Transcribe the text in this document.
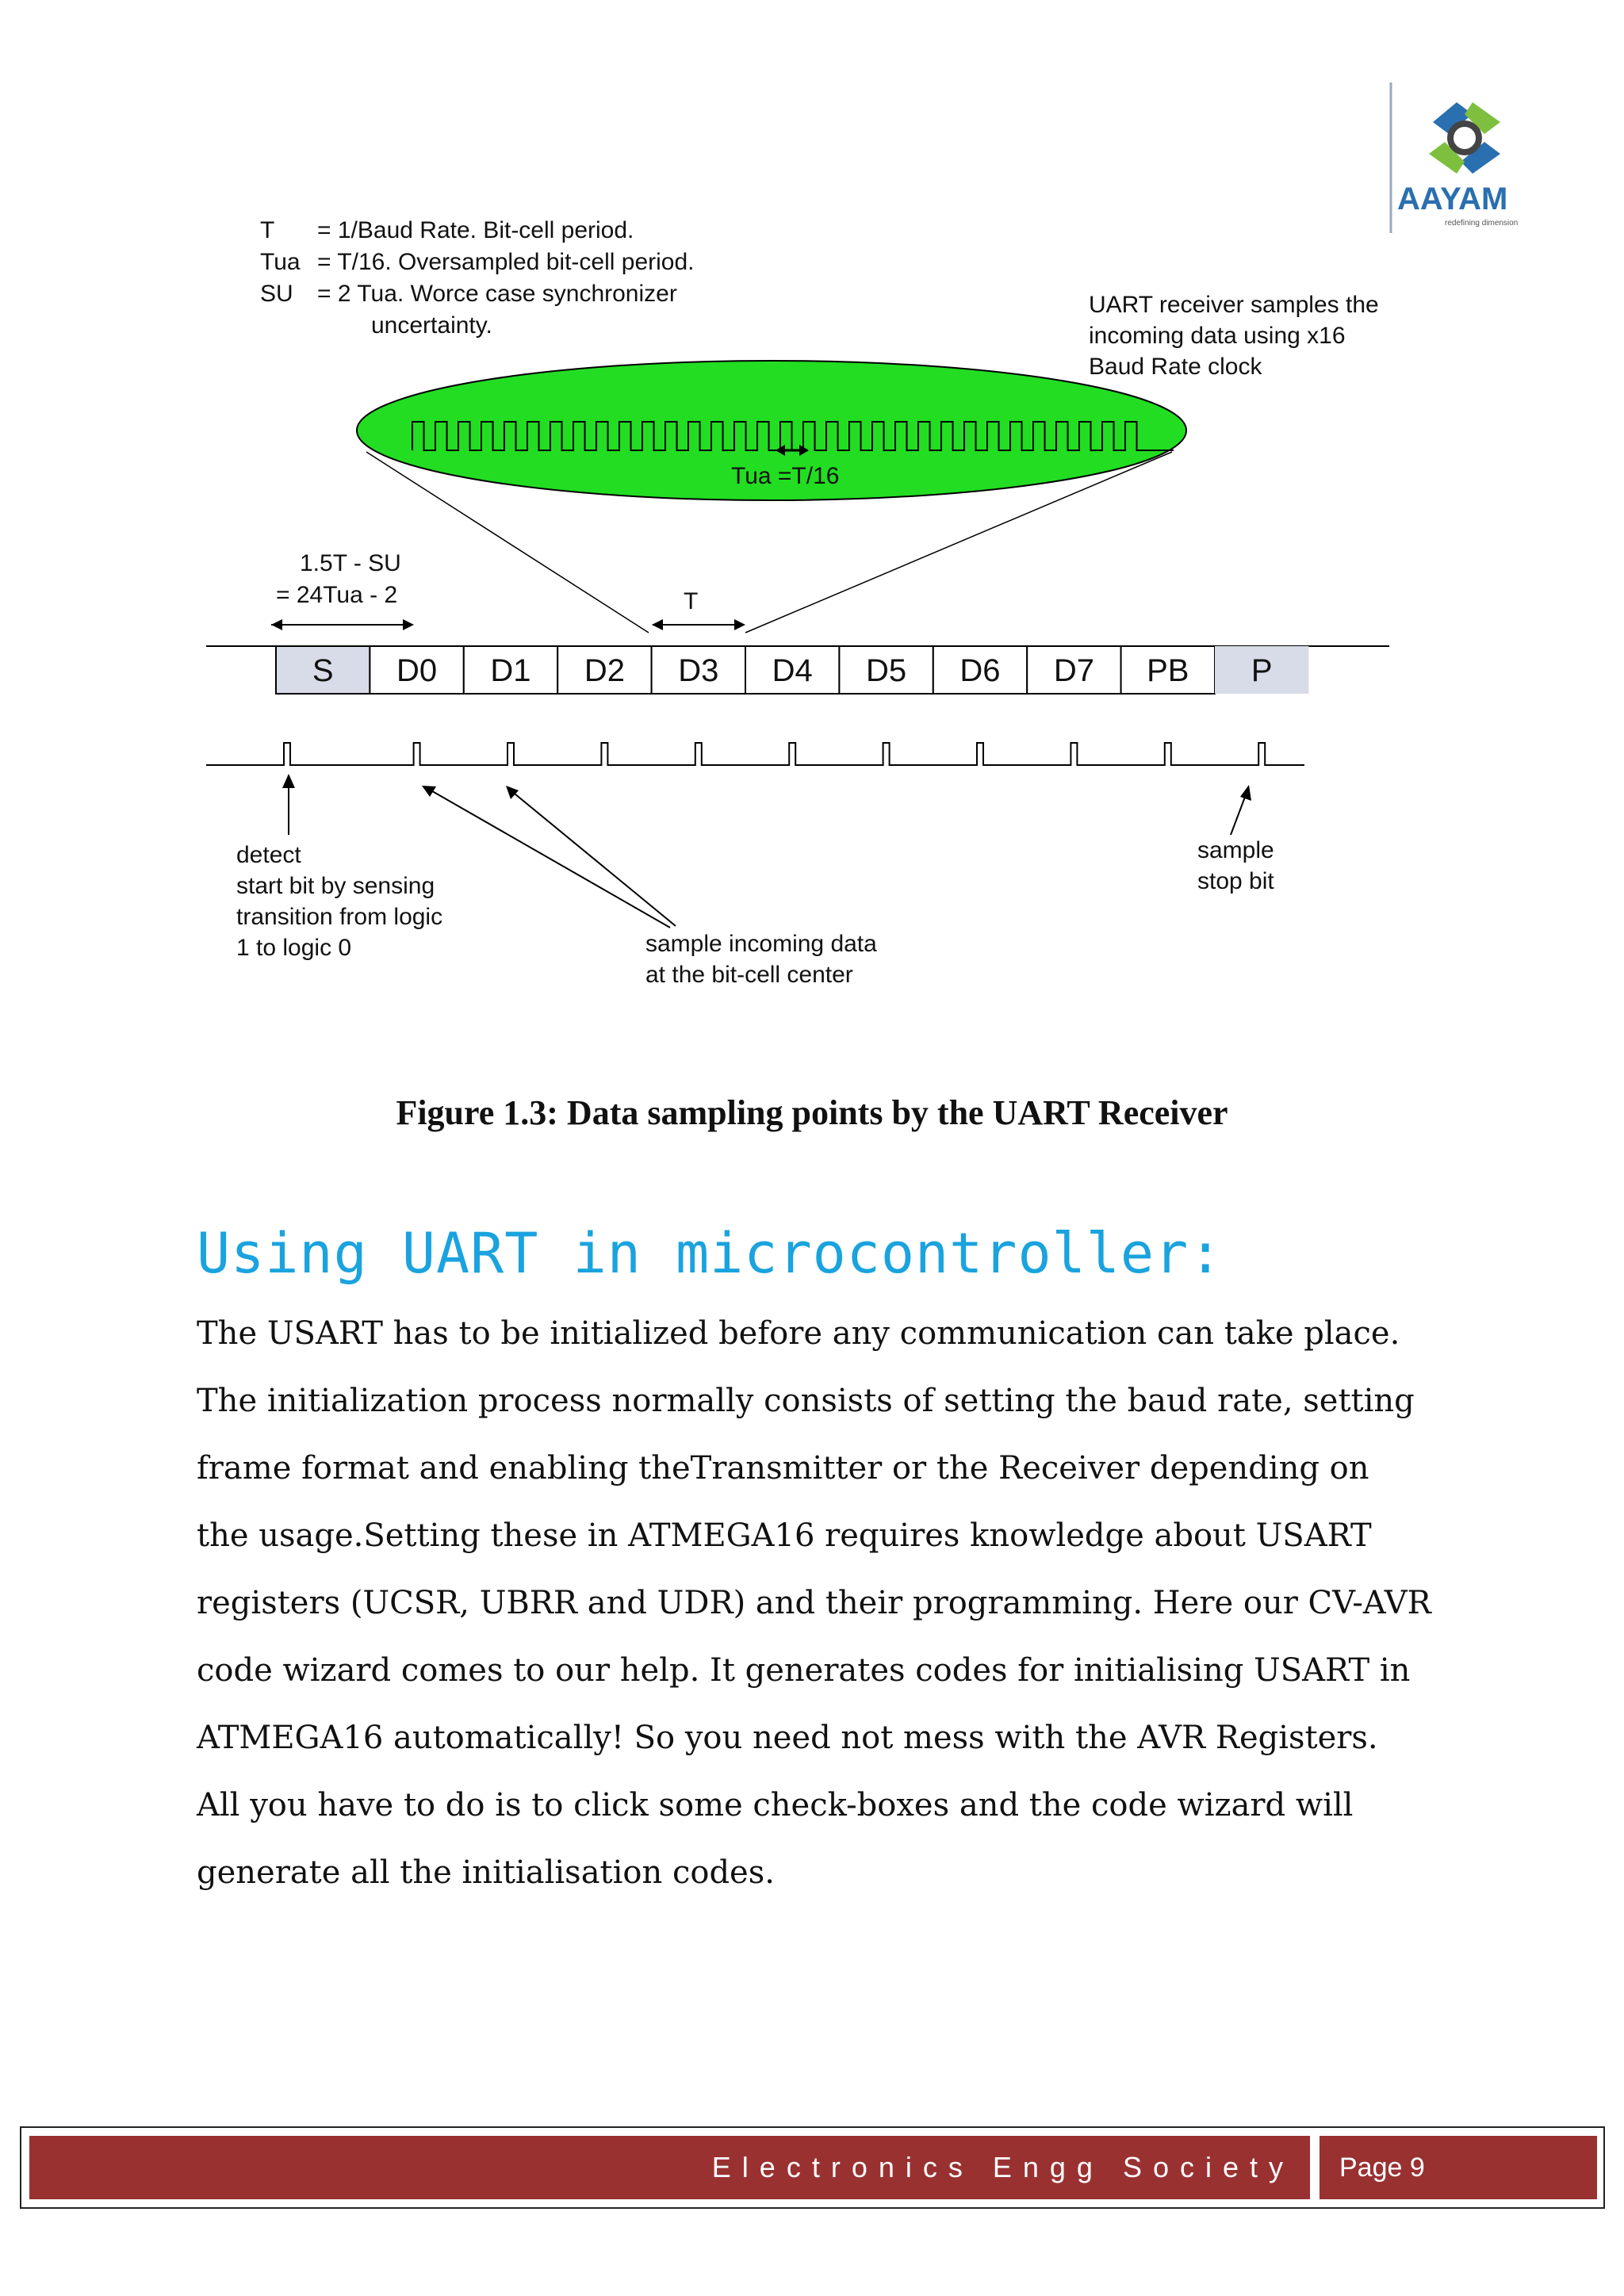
AAYAM
redefining dimension
T = 1/Baud Rate. Bit-cell period.
Tua = T/16. Oversampled bit-cell period.
SU = 2 Tua. Worce case synchronizer
uncertainty.
UART receiver samples the
incoming data using x16
Baud Rate clock
Tua =T/16
1.5T - SU
= 24Tua - 2	T
S D0 D1 D2 D3 D4 D5 D6 D7 PB P
detect
start bit by sensing
transition from logic
1 to logic 0	sample incoming data
at the bit-cell center
sample
stop bit
Figure 1.3: Data sampling points by the UART Receiver
Using UART in microcontroller:

The USART has to be initialized before any communication can take place.

The initialization process normally consists of setting the baud rate, setting

frame format and enabling theTransmitter or the Receiver depending on

the usage.Setting these in ATMEGA16 requires knowledge about USART

registers (UCSR, UBRR and UDR) and their programming. Here our CV-AVR

code wizard comes to our help. It generates codes for initialising USART in

ATMEGA16 automatically! So you need not mess with the AVR Registers.

All you have to do is to click some check-boxes and the code wizard will

generate all the initialisation codes.

Electronics Engg Society	Page 9
